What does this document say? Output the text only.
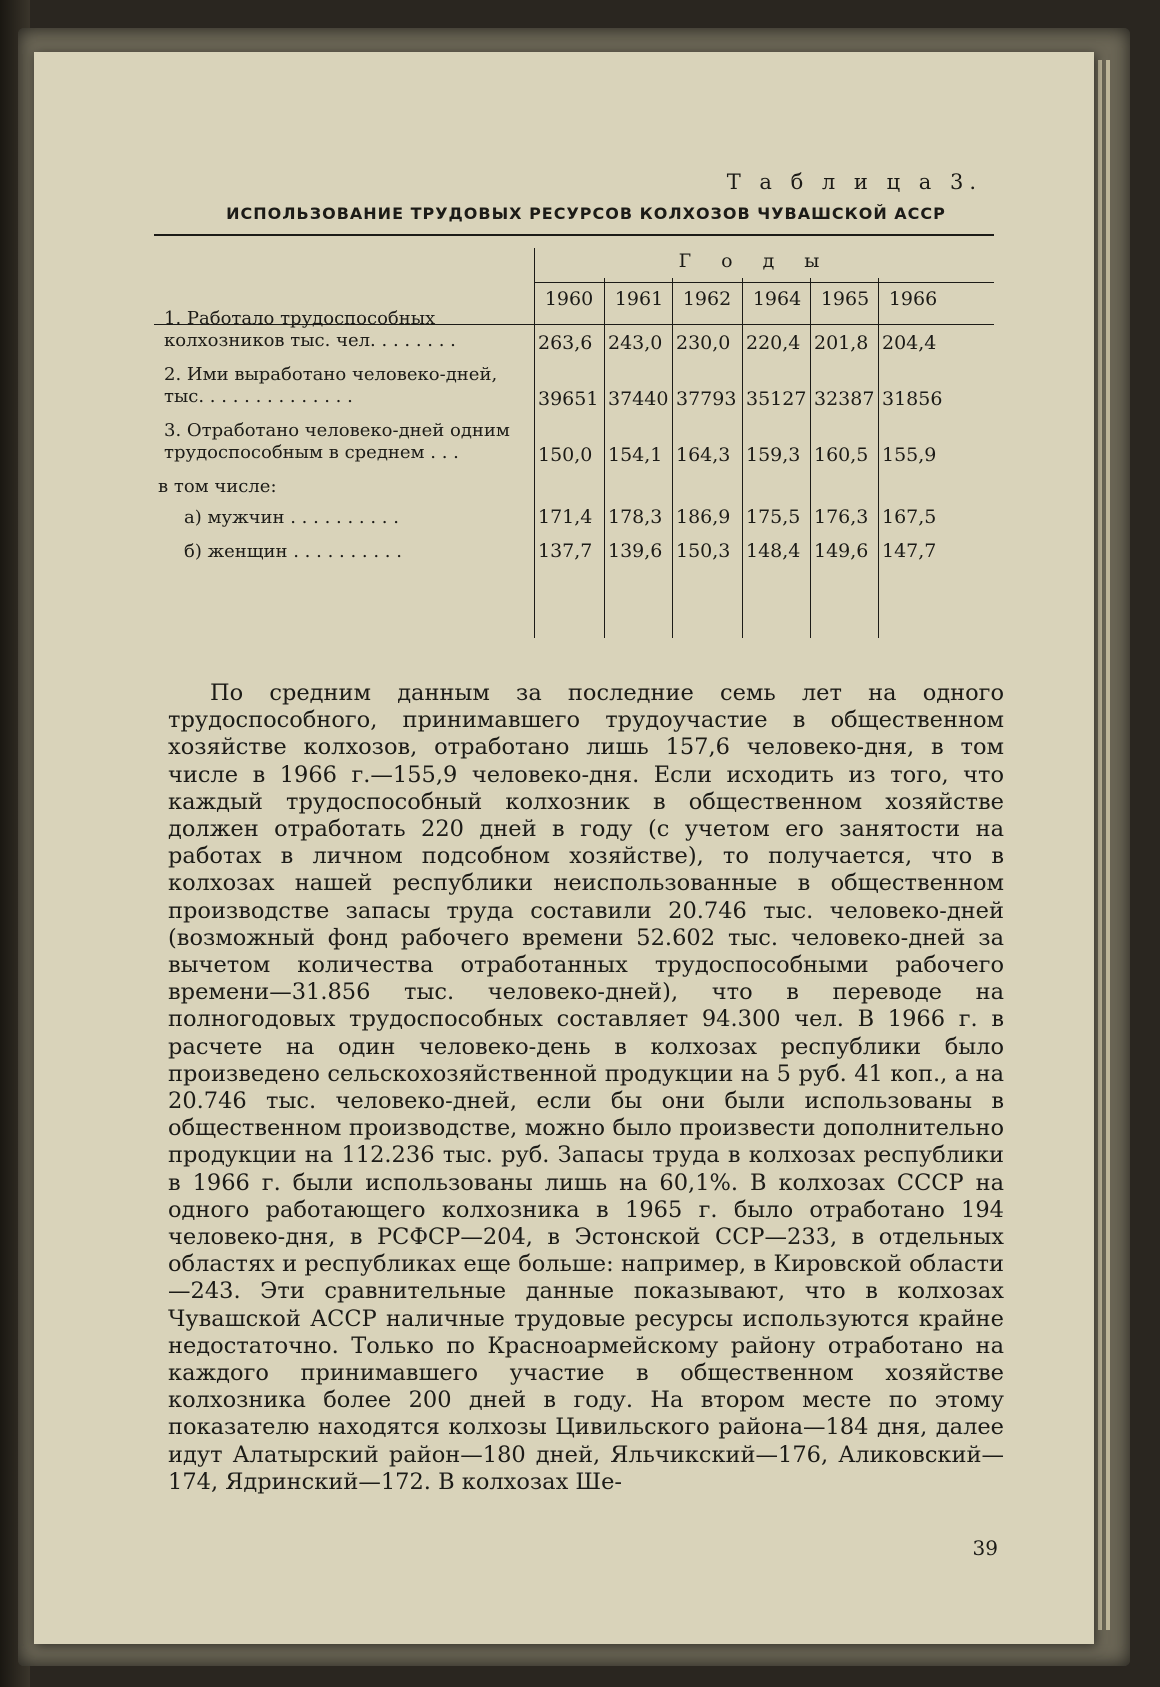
Т а б л и ц а 3.
ИСПОЛЬЗОВАНИЕ ТРУДОВЫХ РЕСУРСОВ КОЛХОЗОВ ЧУВАШСКОЙ АССР
Годы
1960	1961	1962	1964	1965	1966
1. Работало трудоспособных колхозников тыс. чел. . . . . . . .	263,6 243,0 230,0 220,4 201,8 204,4
2. Ими выработано человеко-дней, тыс. . . . . . . . . . . . . .	39651 37440 37793 35127 32387 31856
3. Отработано человеко-дней одним трудоспособным в среднем . . .	150,0 154,1 164,3 159,3 160,5 155,9
в том числе:
а) мужчин . . . . . . . . . .	171,4 178,3 186,9 175,5 176,3 167,5
б) женщин . . . . . . . . . .	137,7 139,6 150,3 148,4 149,6 147,7

По средним данным за последние семь лет на одного трудоспособного, принимавшего трудоучастие в общественном хозяйстве колхозов, отработано лишь 157,6 человеко-дня, в том числе в 1966 г.—155,9 человеко-дня. Если исходить из того, что каждый трудоспособный колхозник в общественном хозяйстве должен отработать 220 дней в году (с учетом его занятости на работах в личном подсобном хозяйстве), то получается, что в колхозах нашей республики неиспользованные в общественном производстве запасы труда составили 20.746 тыс. человеко-дней (возможный фонд рабочего времени 52.602 тыс. человеко-дней за вычетом количества отработанных трудоспособными рабочего времени—31.856 тыс. человеко-дней), что в переводе на полногодовых трудоспособных составляет 94.300 чел. В 1966 г. в расчете на один человеко-день в колхозах республики было произведено сельскохозяйственной продукции на 5 руб. 41 коп., а на 20.746 тыс. человеко-дней, если бы они были использованы в общественном производстве, можно было произвести дополнительно продукции на 112.236 тыс. руб. Запасы труда в колхозах республики в 1966 г. были использованы лишь на 60,1%. В колхозах СССР на одного работающего колхозника в 1965 г. было отработано 194 человеко-дня, в РСФСР—204, в Эстонской ССР—233, в отдельных областях и республиках еще больше: например, в Кировской области—243. Эти сравнительные данные показывают, что в колхозах Чувашской АССР наличные трудовые ресурсы используются крайне недостаточно. Только по Красноармейскому району отработано на каждого принимавшего участие в общественном хозяйстве колхозника более 200 дней в году. На втором месте по этому показателю находятся колхозы Цивильского района—184 дня, далее идут Алатырский район—180 дней, Яльчикский—176, Аликовский—174, Ядринский—172. В колхозах Ше-

39
